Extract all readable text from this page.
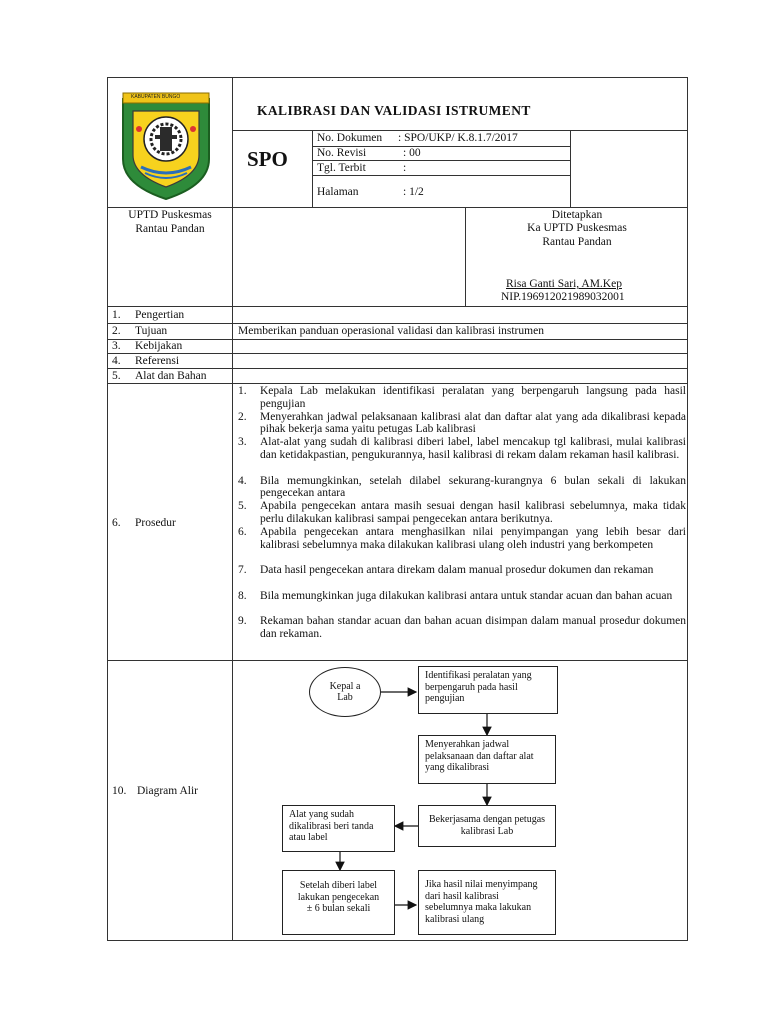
KABUPATEN BUNGO
KALIBRASI DAN VALIDASI ISTRUMENT
SPO
No. Dokumen : SPO/UKP/ K.8.1.7/2017
No. Revisi	: 00
Tgl. Terbit	:
Halaman	: 1/2
UPTD Puskesmas
Rantau Pandan
Ditetapkan
Ka UPTD Puskesmas
Rantau Pandan
Risa Ganti Sari, AM.Kep
NIP.196912021989032001
1. Pengertian
2. Tujuan	Memberikan panduan operasional validasi dan kalibrasi instrumen
3. Kebijakan
4. Referensi
5. Alat dan Bahan
6. Prosedur
1. Kepala Lab melakukan identifikasi peralatan yang berpengaruh langsung pada hasil pengujian
2. Menyerahkan jadwal pelaksanaan kalibrasi alat dan daftar alat yang ada dikalibrasi kepada pihak bekerja sama yaitu petugas Lab kalibrasi
3. Alat-alat yang sudah di kalibrasi diberi label, label mencakup tgl kalibrasi, mulai kalibrasi dan ketidakpastian, pengukurannya, hasil kalibrasi di rekam dalam rekaman hasil kalibrasi.
4. Bila memungkinkan, setelah dilabel sekurang-kurangnya 6 bulan sekali di lakukan pengecekan antara
5. Apabila pengecekan antara masih sesuai dengan hasil kalibrasi sebelumnya, maka tidak perlu dilakukan kalibrasi sampai pengecekan antara berikutnya.
6. Apabila pengecekan antara menghasilkan nilai penyimpangan yang lebih besar dari kalibrasi sebelumnya maka dilakukan kalibrasi ulang oleh industri yang berkompeten
7. Data hasil pengecekan antara direkam dalam manual prosedur dokumen dan rekaman
8. Bila memungkinkan juga dilakukan kalibrasi antara untuk standar acuan dan bahan acuan
9. Rekaman bahan standar acuan dan bahan acuan disimpan dalam manual prosedur dokumen dan rekaman.
10. Diagram Alir
Kepal a Lab
Identifikasi peralatan yang berpengaruh pada hasil pengujian
Menyerahkan jadwal pelaksanaan dan daftar alat yang dikalibrasi
Bekerjasama dengan petugas kalibrasi Lab
Alat yang sudah dikalibrasi beri tanda atau label
Setelah diberi label lakukan pengecekan ± 6 bulan sekali
Jika hasil nilai menyimpang dari hasil kalibrasi sebelumnya maka lakukan kalibrasi ulang
